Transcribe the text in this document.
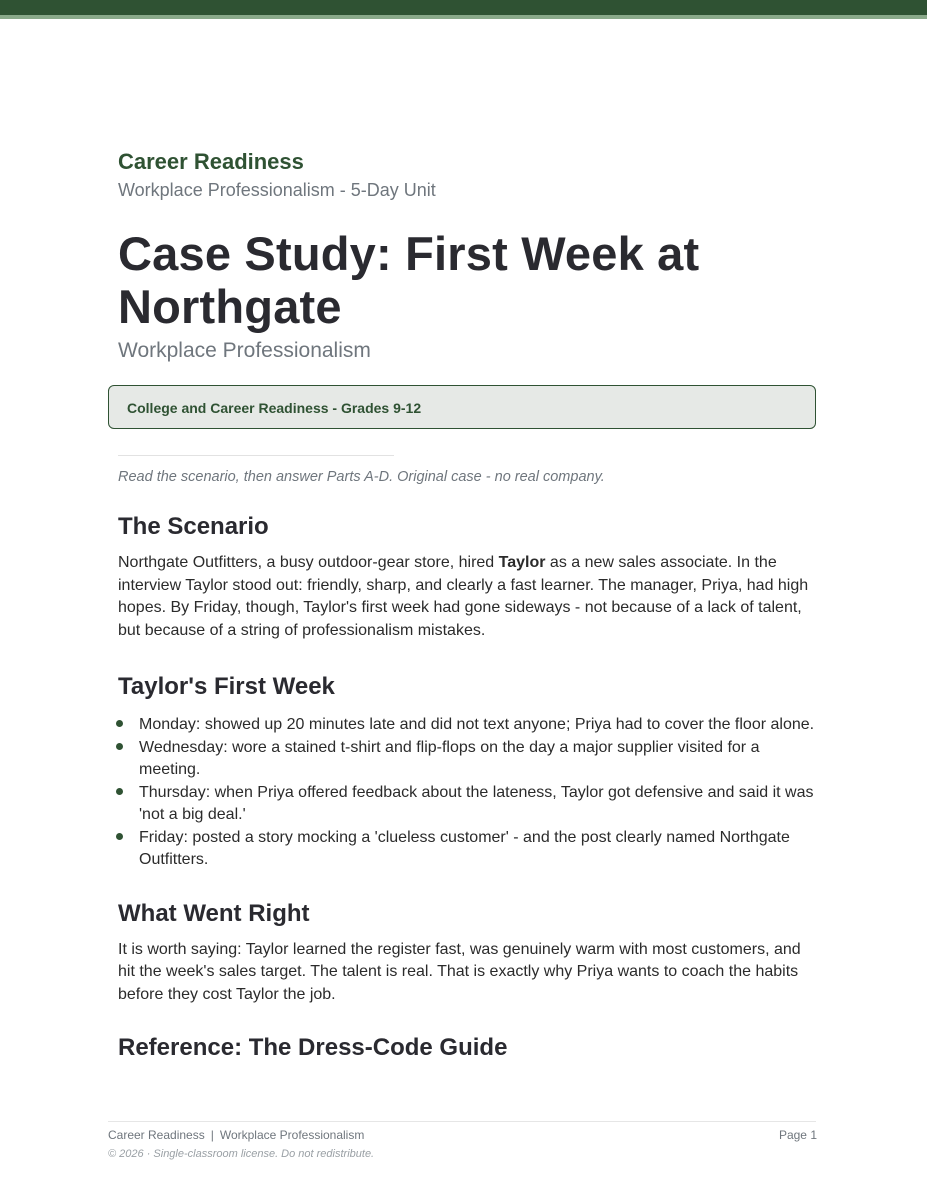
Career Readiness
Workplace Professionalism - 5-Day Unit
Case Study: First Week at Northgate
Workplace Professionalism
College and Career Readiness - Grades 9-12
Read the scenario, then answer Parts A-D. Original case - no real company.
The Scenario

Northgate Outfitters, a busy outdoor-gear store, hired Taylor as a new sales associate. In the interview Taylor stood out: friendly, sharp, and clearly a fast learner. The manager, Priya, had high hopes. By Friday, though, Taylor's first week had gone sideways - not because of a lack of talent, but because of a string of professionalism mistakes.

Taylor's First Week
Monday: showed up 20 minutes late and did not text anyone; Priya had to cover the floor alone.
Wednesday: wore a stained t-shirt and flip-flops on the day a major supplier visited for a meeting.
Thursday: when Priya offered feedback about the lateness, Taylor got defensive and said it was 'not a big deal.'
Friday: posted a story mocking a 'clueless customer' - and the post clearly named Northgate Outfitters.
What Went Right

It is worth saying: Taylor learned the register fast, was genuinely warm with most customers, and hit the week's sales target. The talent is real. That is exactly why Priya wants to coach the habits before they cost Taylor the job.

Reference: The Dress-Code Guide
Career Readiness | Workplace Professionalism	Page 1
© 2026 · Single-classroom license. Do not redistribute.
